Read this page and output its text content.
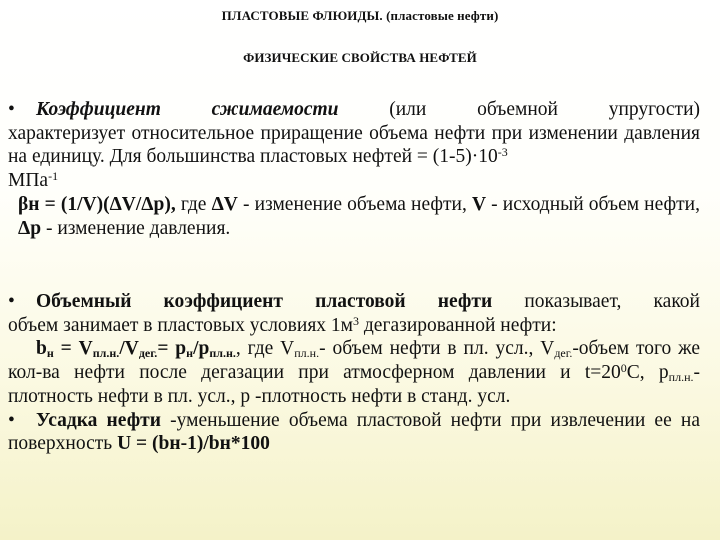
ПЛАСТОВЫЕ ФЛЮИДЫ. (пластовые нефти)
ФИЗИЧЕСКИЕ СВОЙСТВА НЕФТЕЙ
• Коэффициент сжимаемости (или объемной упругости)
характеризует относительное приращение объема нефти при изменении давления на единицу. Для большинства пластовых нефтей = $(1-5)\cdot 10^{-3}$
МПа$^{-1}$
βн = (1/V)(ΔV/Δp), где ΔV - изменение объема нефти, V - исходный объем нефти, Δp - изменение давления.
• Объемный коэффициент пластовой нефти показывает, какой
объем занимает в пластовых условиях $1м^3$ дегазированной нефти:
$b_н = V_{пл.н.}/V_{дег.}= р_н/р_{пл.н.}$, где $V_{пл.н.}-$ объем нефти в пл. усл., $V_{дег.}$-объем того же кол-ва нефти после дегазации при атмосферном давлении и $t=20^0С$, $р_{пл.н.}$-плотность нефти в пл. усл., р -плотность нефти в станд. усл.
• Усадка нефти -уменьшение объема пластовой нефти при извлечении ее на поверхность U = (bн-1)/bн*100
